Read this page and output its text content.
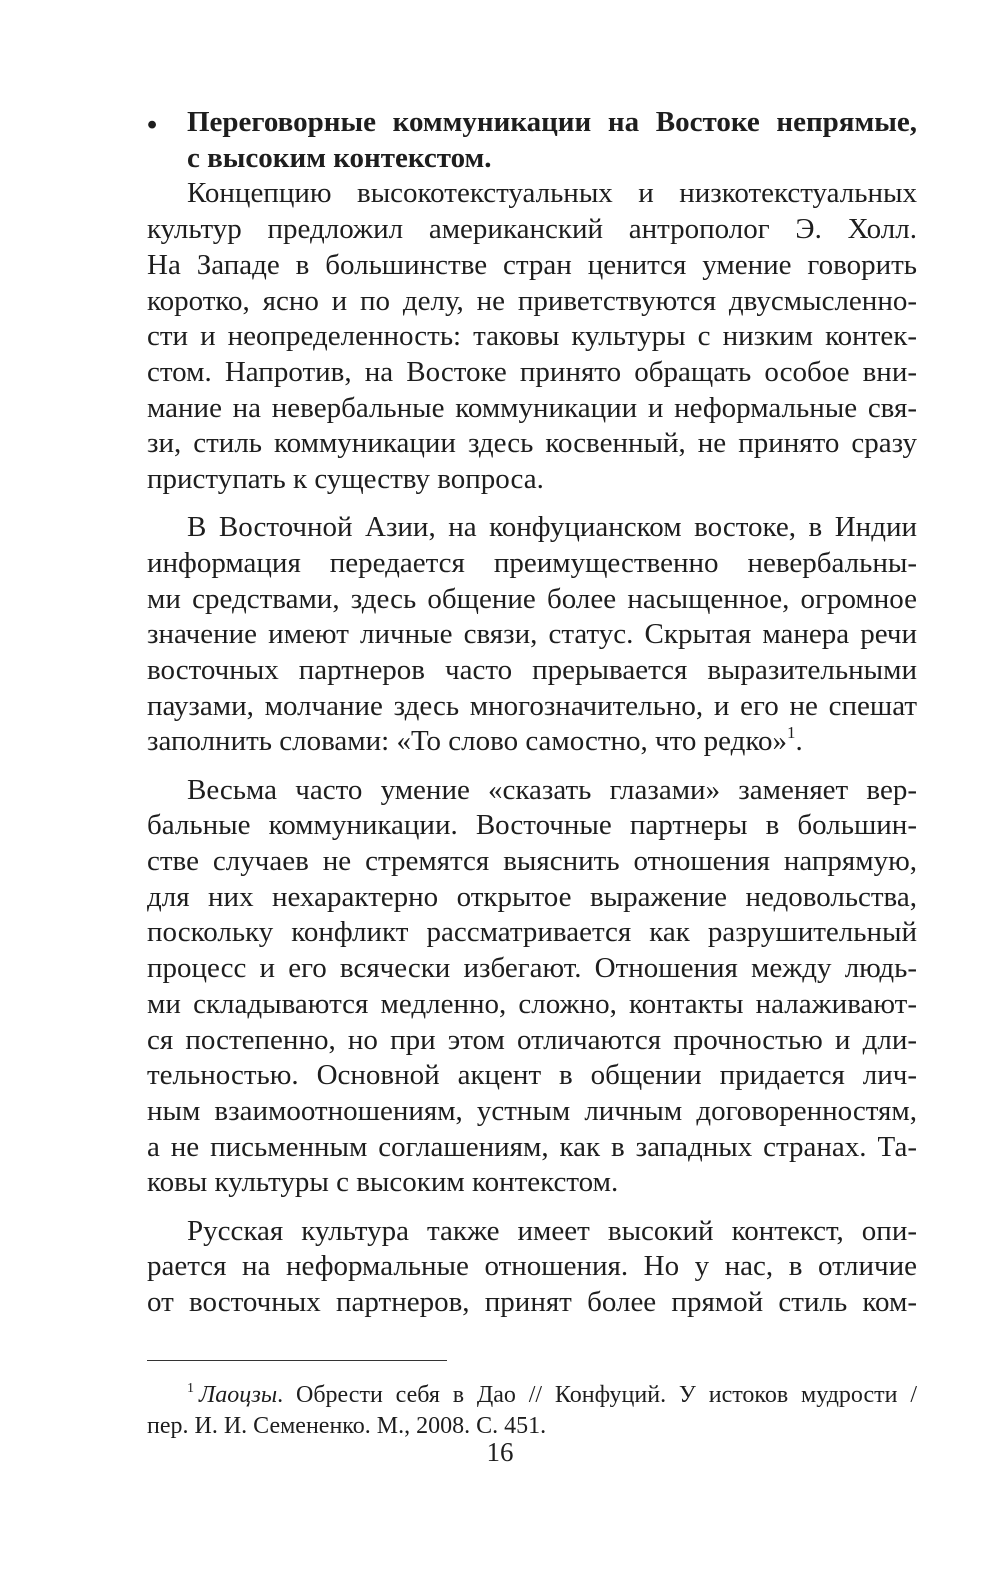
• Переговорные коммуникации на Востоке непрямые,
с высоким контекстом.
Концепцию высокотекстуальных и низкотекстуальных
культур предложил американский антрополог Э. Холл.
На Западе в большинстве стран ценится умение говорить
коротко, ясно и по делу, не приветствуются двусмысленно-
сти и неопределенность: таковы культуры с низким контек-
стом. Напротив, на Востоке принято обращать особое вни-
мание на невербальные коммуникации и неформальные свя-
зи, стиль коммуникации здесь косвенный, не принято сразу
приступать к существу вопроса.
В Восточной Азии, на конфуцианском востоке, в Индии
информация передается преимущественно невербальны-
ми средствами, здесь общение более насыщенное, огромное
значение имеют личные связи, статус. Скрытая манера речи
восточных партнеров часто прерывается выразительными
паузами, молчание здесь многозначительно, и его не спешат
заполнить словами: «То слово самостно, что редко»$^1$.
Весьма часто умение «сказать глазами» заменяет вер-
бальные коммуникации. Восточные партнеры в большин-
стве случаев не стремятся выяснить отношения напрямую,
для них нехарактерно открытое выражение недовольства,
поскольку конфликт рассматривается как разрушительный
процесс и его всячески избегают. Отношения между людь-
ми складываются медленно, сложно, контакты налаживают-
ся постепенно, но при этом отличаются прочностью и дли-
тельностью. Основной акцент в общении придается лич-
ным взаимоотношениям, устным личным договоренностям,
а не письменным соглашениям, как в западных странах. Та-
ковы культуры с высоким контекстом.
Русская культура также имеет высокий контекст, опи-
рается на неформальные отношения. Но у нас, в отличие
от восточных партнеров, принят более прямой стиль ком-
$^1$ Лаоцзы. Обрести себя в Дао // Конфуций. У истоков мудрости /
пер. И. И. Семененко. М., 2008. С. 451.
16
